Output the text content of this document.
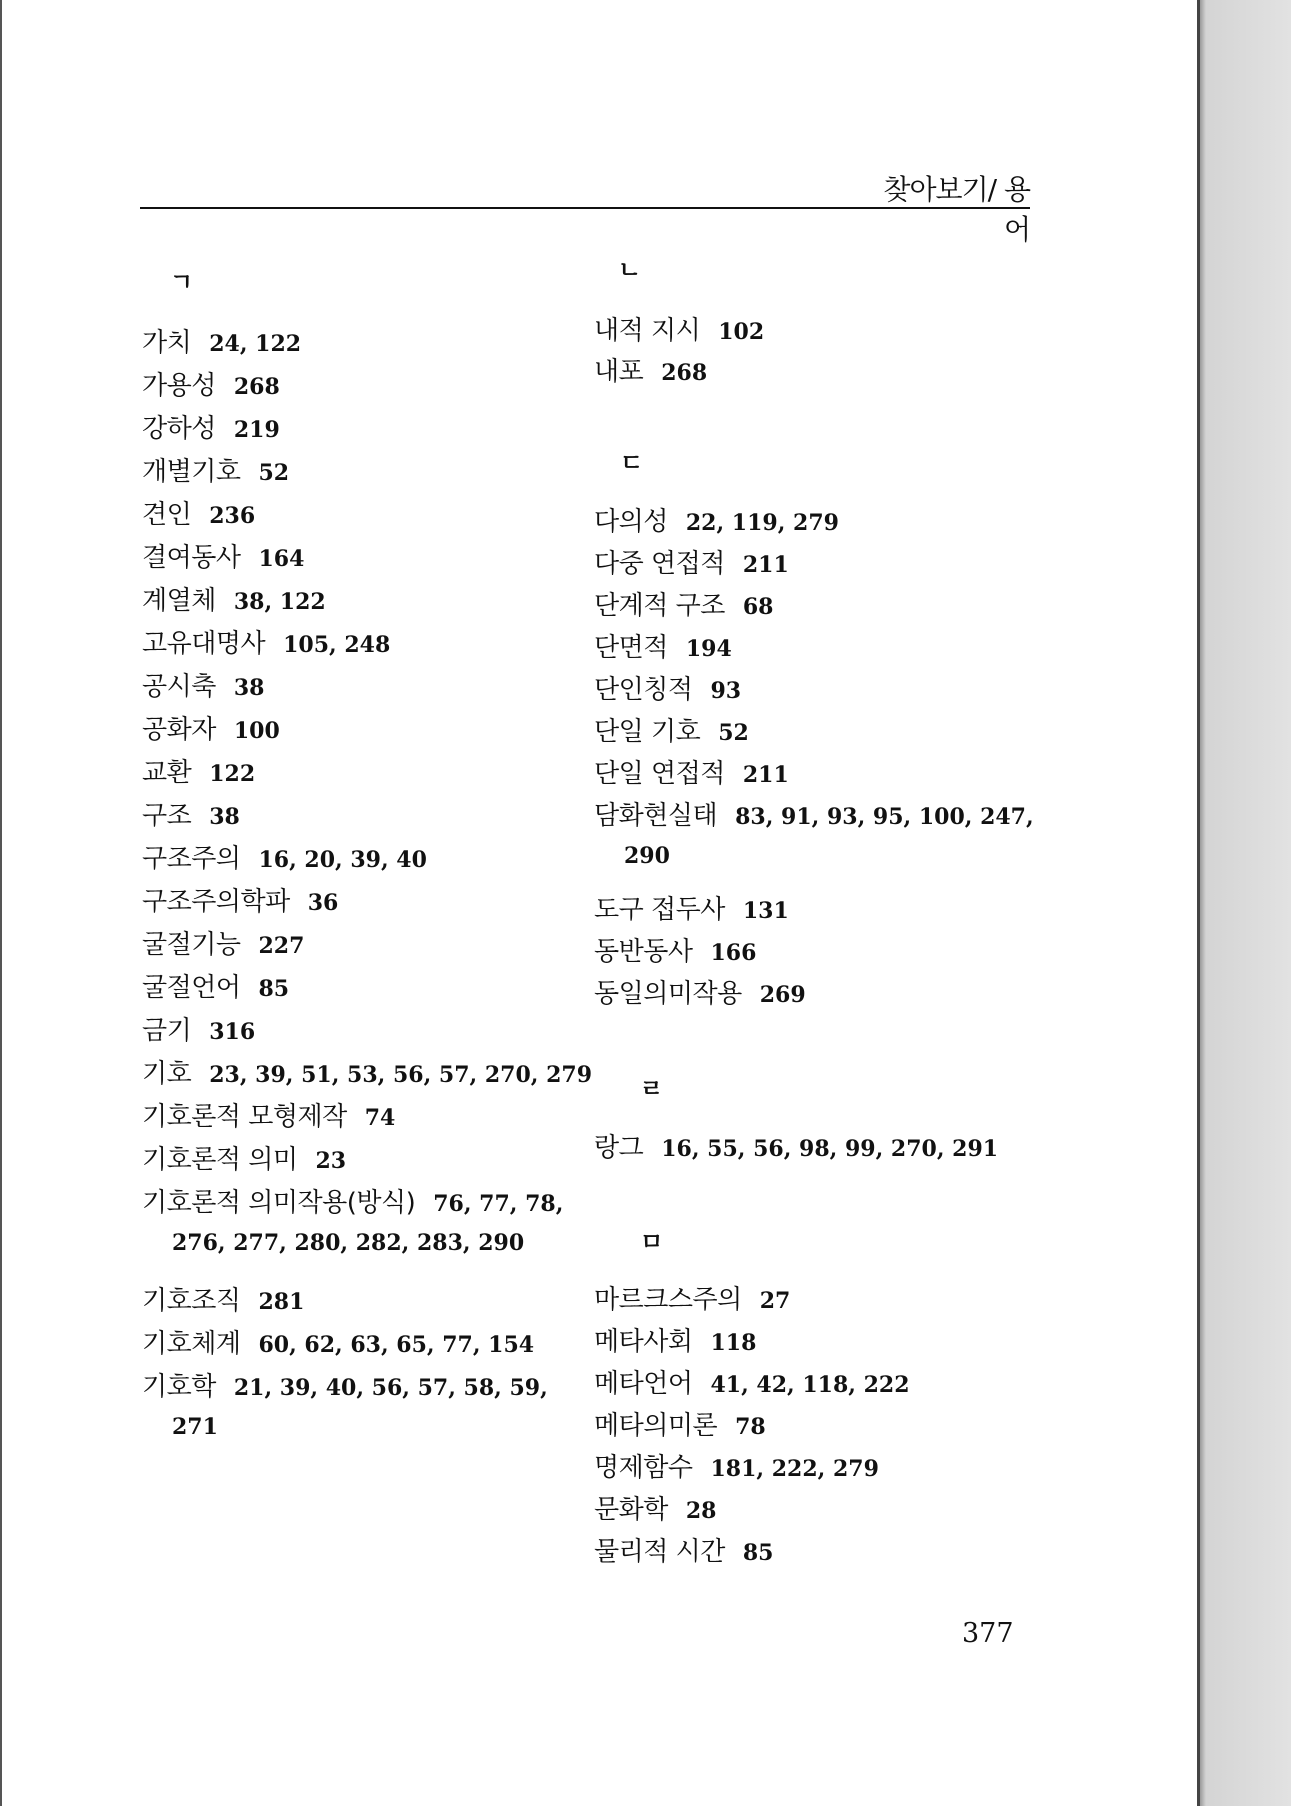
찾아보기/ 용어
ㄱ
가치 24, 122
가용성 268
강하성 219
개별기호 52
견인 236
결여동사 164
계열체 38, 122
고유대명사 105, 248
공시축 38
공화자 100
교환 122
구조 38
구조주의 16, 20, 39, 40
구조주의학파 36
굴절기능 227
굴절언어 85
금기 316
기호 23, 39, 51, 53, 56, 57, 270, 279
기호론적 모형제작 74
기호론적 의미 23
기호론적 의미작용(방식) 76, 77, 78,
276, 277, 280, 282, 283, 290
기호조직 281
기호체계 60, 62, 63, 65, 77, 154
기호학 21, 39, 40, 56, 57, 58, 59,
271
ㄴ
내적 지시 102
내포 268
ㄷ
다의성 22, 119, 279
다중 연접적 211
단계적 구조 68
단면적 194
단인칭적 93
단일 기호 52
단일 연접적 211
담화현실태 83, 91, 93, 95, 100, 247,
290
도구 접두사 131
동반동사 166
동일의미작용 269
ㄹ
랑그 16, 55, 56, 98, 99, 270, 291
ㅁ
마르크스주의 27
메타사회 118
메타언어 41, 42, 118, 222
메타의미론 78
명제함수 181, 222, 279
문화학 28
물리적 시간 85
377
